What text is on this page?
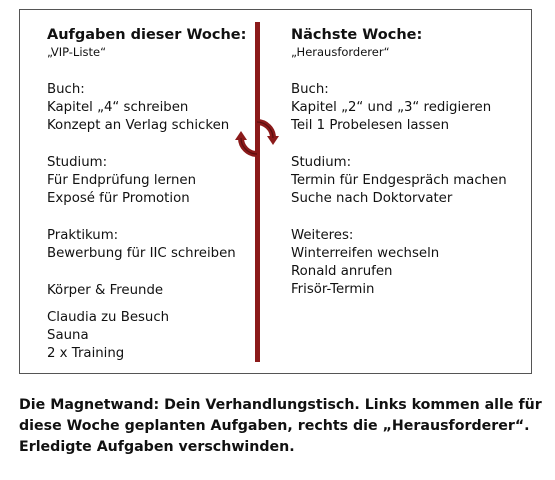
Aufgaben dieser Woche:
„VIP-Liste“
Buch:
Kapitel „4“ schreiben
Konzept an Verlag schicken
Studium:
Für Endprüfung lernen
Exposé für Promotion
Praktikum:
Bewerbung für IIC schreiben
Körper & Freunde
Claudia zu Besuch
Sauna
2 x Training
Nächste Woche:
„Herausforderer“
Buch:
Kapitel „2“ und „3“ redigieren
Teil 1 Probelesen lassen
Studium:
Termin für Endgespräch machen
Suche nach Doktorvater
Weiteres:
Winterreifen wechseln
Ronald anrufen
Frisör-Termin
Die Magnetwand: Dein Verhandlungstisch. Links kommen alle für
diese Woche geplanten Aufgaben, rechts die „Herausforderer“.
Erledigte Aufgaben verschwinden.
